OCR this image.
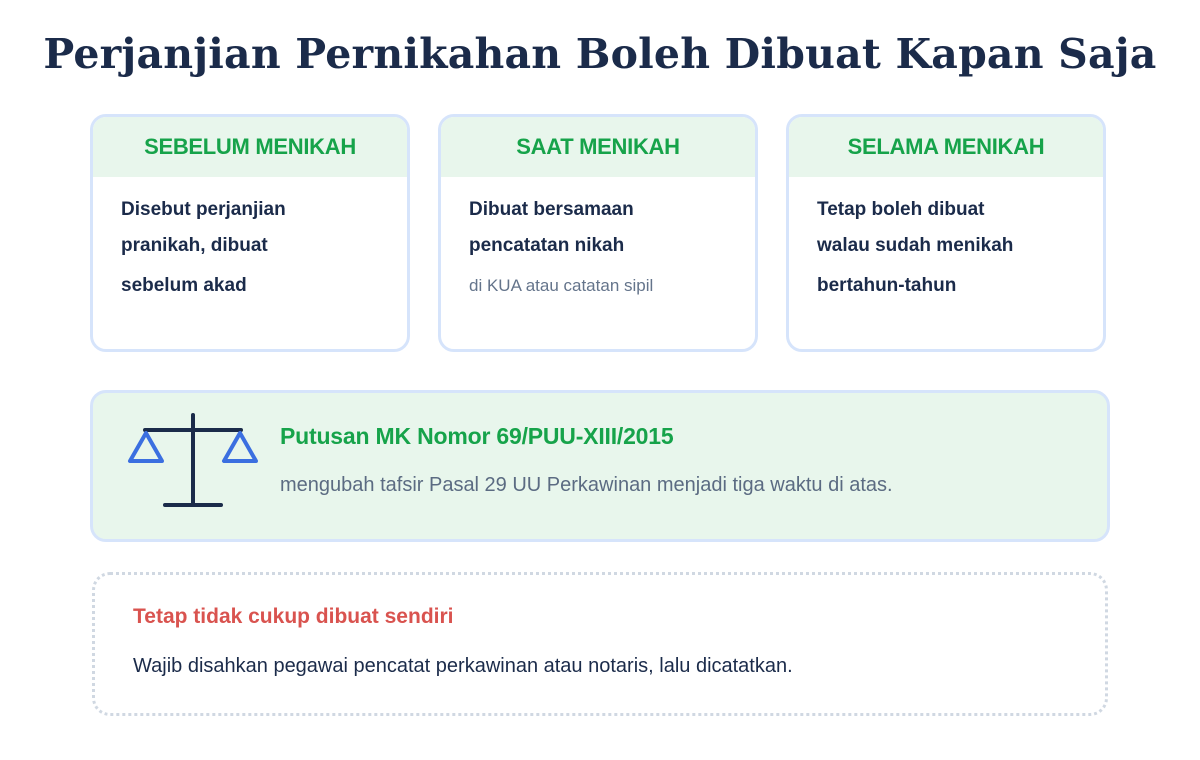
Perjanjian Pernikahan Boleh Dibuat Kapan Saja
SEBELUM MENIKAH
Disebut perjanjian
pranikah, dibuat
sebelum akad
SAAT MENIKAH
Dibuat bersamaan
pencatatan nikah
di KUA atau catatan sipil
SELAMA MENIKAH
Tetap boleh dibuat
walau sudah menikah
bertahun-tahun
Putusan MK Nomor 69/PUU-XIII/2015
mengubah tafsir Pasal 29 UU Perkawinan menjadi tiga waktu di atas.
Tetap tidak cukup dibuat sendiri
Wajib disahkan pegawai pencatat perkawinan atau notaris, lalu dicatatkan.
